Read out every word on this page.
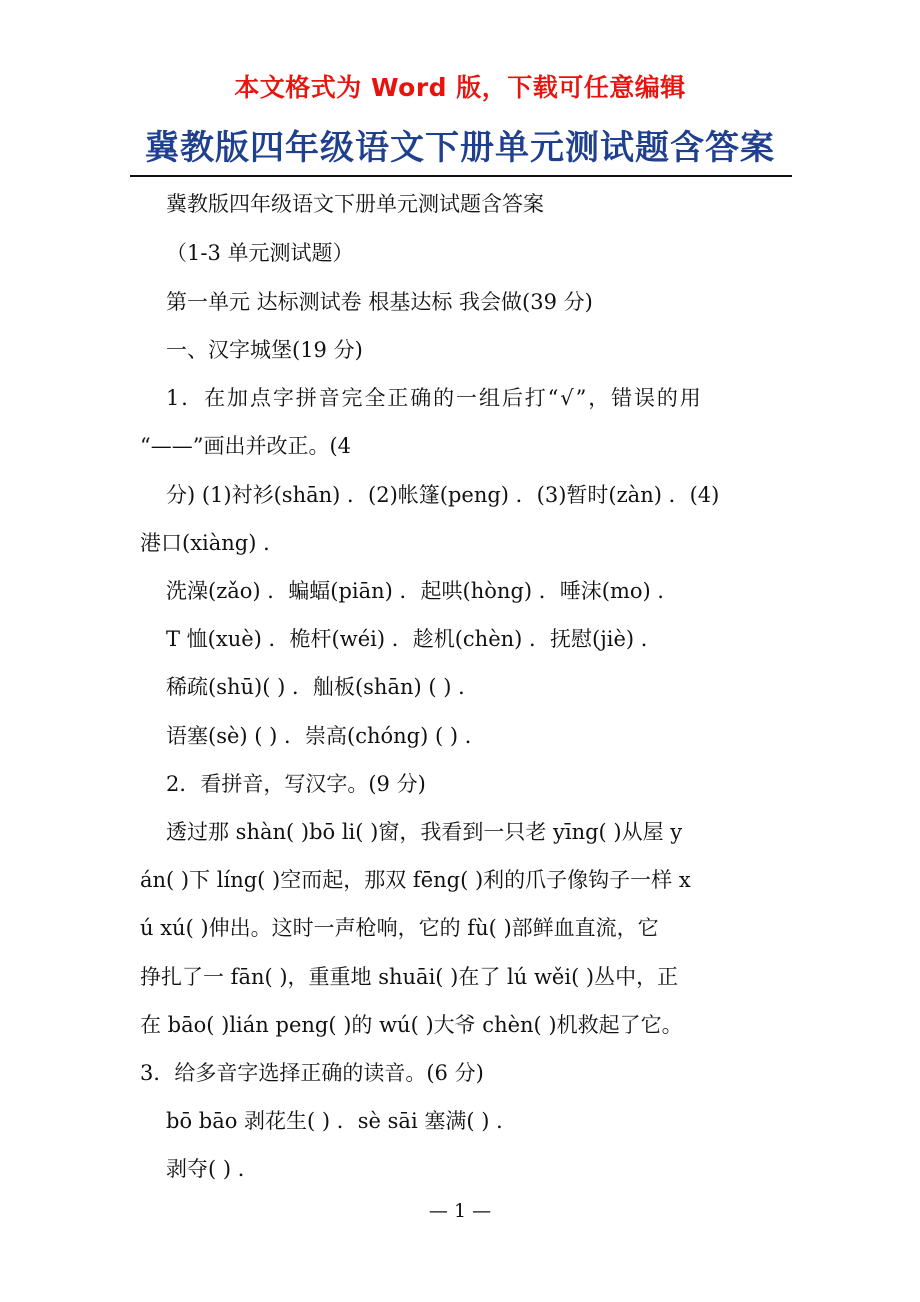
本文格式为 Word 版，下载可任意编辑
冀教版四年级语文下册单元测试题含答案
冀教版四年级语文下册单元测试题含答案
（1-3 单元测试题）
第一单元 达标测试卷 根基达标 我会做(39 分)
一、汉字城堡(19 分)
1．在加点字拼音完全正确的一组后打“√”，错误的用
“——”画出并改正。(4
分) (1)衬衫(shān) ．(2)帐篷(peng) ．(3)暂时(zàn) ．(4)
港口(xiàng) ．
洗澡(zǎo) ．蝙蝠(piān) ．起哄(hòng) ．唾沫(mo) ．
T 恤(xuè) ．桅杆(wéi) ．趁机(chèn) ．抚慰(jiè) ．
稀疏(shū)( ) ．舢板(shān) ( ) ．
语塞(sè) ( ) ．崇高(chóng) ( ) ．
2．看拼音，写汉字。(9 分)
透过那 shàn( )bō li( )窗，我看到一只老 yīng( )从屋 y
án( )下 líng( )空而起，那双 fēng( )利的爪子像钩子一样 x
ú xú( )伸出。这时一声枪响，它的 fù( )部鲜血直流，它
挣扎了一 fān( )，重重地 shuāi( )在了 lú wěi( )丛中，正
在 bāo( )lián peng( )的 wú( )大爷 chèn( )机救起了它。
3．给多音字选择正确的读音。(6 分)
bō bāo 剥花生( ) ．sè sāi 塞满( ) ．
剥夺( ) ．
— 1 —
